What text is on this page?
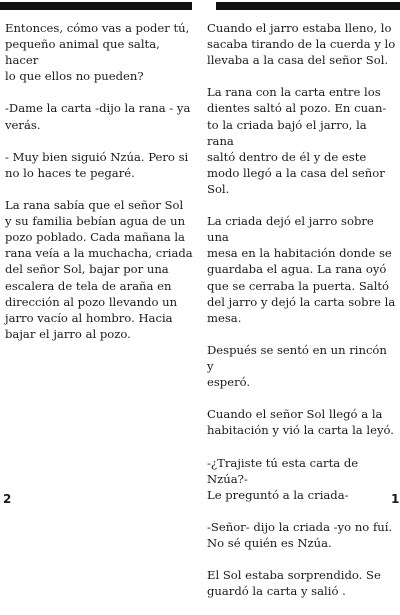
Entonces, cómo vas a poder tú,
pequeño animal que salta, hacer
lo que ellos no pueden?

-Dame la carta -dijo la rana - ya
verás.

- Muy bien siguió Nzúa. Pero si
no lo haces te pegaré.

La rana sabía que el señor Sol
y su familia bebían agua de un
pozo poblado. Cada mañana la
rana veía a la muchacha, criada
del señor Sol, bajar por una
escalera de tela de araña en
dirección al pozo llevando un
jarro vacío al hombro. Hacia
bajar el jarro al pozo.

Cuando el jarro estaba lleno, lo
sacaba tirando de la cuerda y lo
llevaba a la casa del señor Sol.

La rana con la carta entre los
dientes saltó al pozo. En cuan-
to la criada bajó el jarro, la rana
saltó dentro de él y de este
modo llegó a la casa del señor
Sol.

La criada dejó el jarro sobre una
mesa en la habitación donde se
guardaba el agua. La rana oyó
que se cerraba la puerta. Saltó
del jarro y dejó la carta sobre la
mesa.

Después se sentó en un rincón y
esperó.

Cuando el señor Sol llegó a la
habitación y vió la carta la leyó.

-¿Trajiste tú esta carta de Nzúa?-
Le preguntó a la criada-

-Señor- dijo la criada -yo no fuí.
No sé quién es Nzúa.

El Sol estaba sorprendido. Se
guardó la carta y salió .

2	1
